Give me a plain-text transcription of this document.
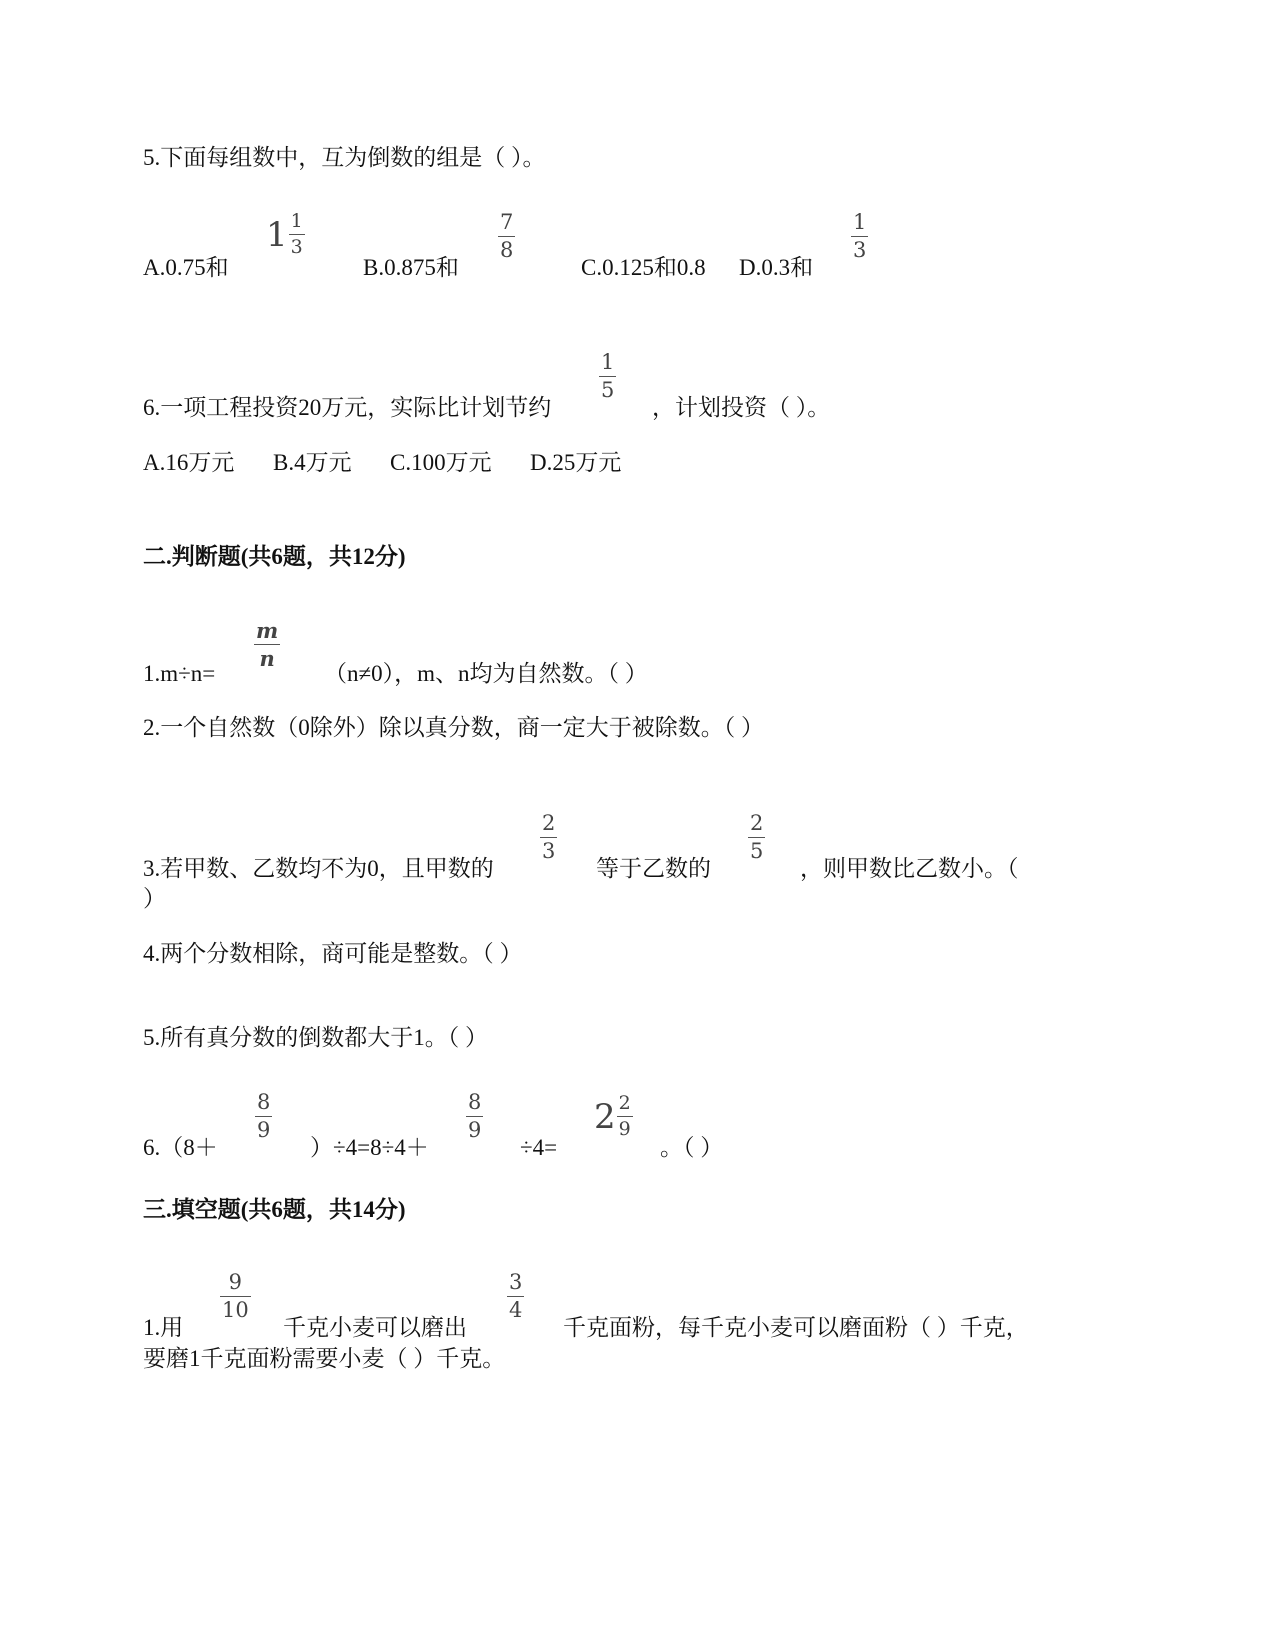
5.下面每组数中，互为倒数的组是（ ）。
A.0.75和
$1 \frac{1}{3}$
B.0.875和
7
8
C.0.125和0.8 D.0.3和
1
3
6.一项工程投资20万元，实际比计划节约
1
5
，计划投资（ ）。
A.16万元 B.4万元 C.100万元 D.25万元
二.判断题(共6题，共12分)
1.m÷n=
m
n
（n≠0），m、n均为自然数。（ ）
2.一个自然数（0除外）除以真分数，商一定大于被除数。（ ）
3.若甲数、乙数均不为0，且甲数的
2
3
等于乙数的
2
5
，则甲数比乙数小。（
）
4.两个分数相除，商可能是整数。（ ）
5.所有真分数的倒数都大于1。（ ）
6.（8＋
8
9
）÷4=8÷4＋
8
9
÷4=
$2 \frac{2}{9}$
。（ ）
三.填空题(共6题，共14分)
1.用
9
10
千克小麦可以磨出
3
4
千克面粉，每千克小麦可以磨面粉（ ）千克，
要磨1千克面粉需要小麦（ ）千克。
